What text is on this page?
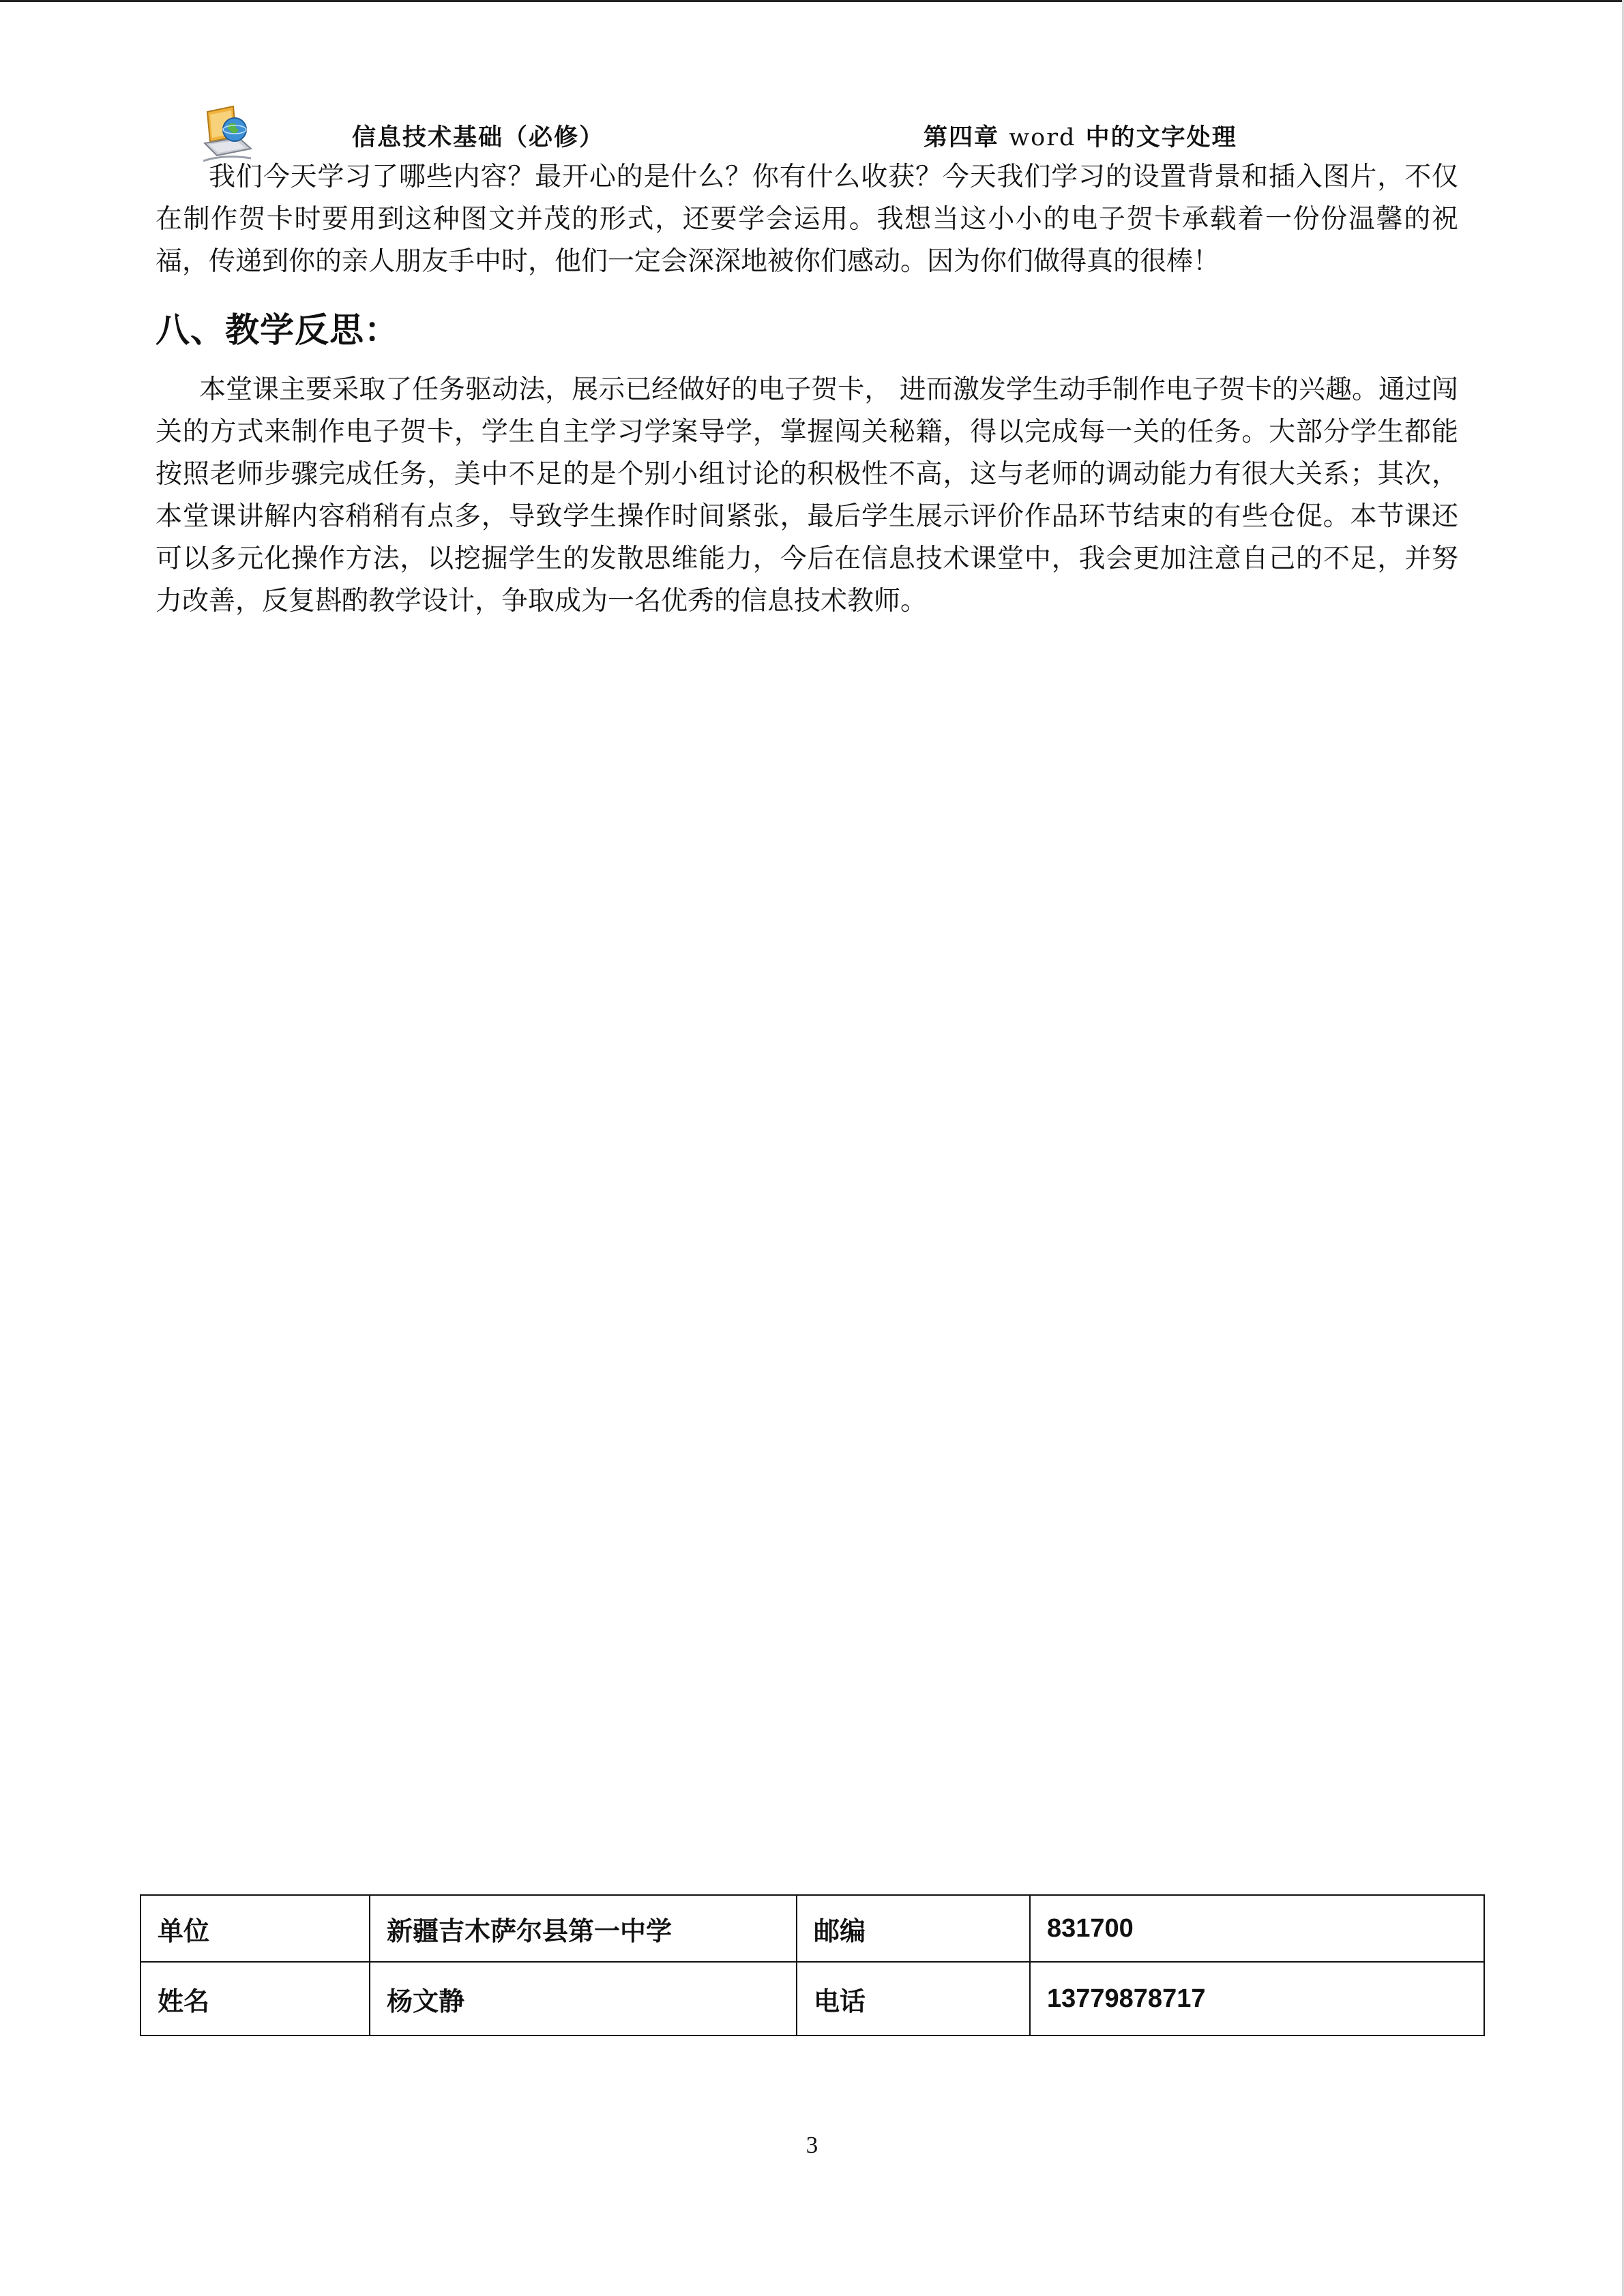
信息技术基础（必修）	第四章 word 中的文字处理

我们今天学习了哪些内容？最开心的是什么？你有什么收获？今天我们学习的设置背景和插入图片，不仅在制作贺卡时要用到这种图文并茂的形式，还要学会运用。我想当这小小的电子贺卡承载着一份份温馨的祝福，传递到你的亲人朋友手中时，他们一定会深深地被你们感动。因为你们做得真的很棒！

八、教学反思：

本堂课主要采取了任务驱动法，展示已经做好的电子贺卡， 进而激发学生动手制作电子贺卡的兴趣。通过闯关的方式来制作电子贺卡，学生自主学习学案导学，掌握闯关秘籍，得以完成每一关的任务。大部分学生都能按照老师步骤完成任务，美中不足的是个别小组讨论的积极性不高，这与老师的调动能力有很大关系；其次，本堂课讲解内容稍稍有点多，导致学生操作时间紧张，最后学生展示评价作品环节结束的有些仓促。本节课还可以多元化操作方法，以挖掘学生的发散思维能力，今后在信息技术课堂中，我会更加注意自己的不足，并努力改善，反复斟酌教学设计，争取成为一名优秀的信息技术教师。

单位	新疆吉木萨尔县第一中学	邮编	831700
姓名	杨文静	电话	13779878717
3
